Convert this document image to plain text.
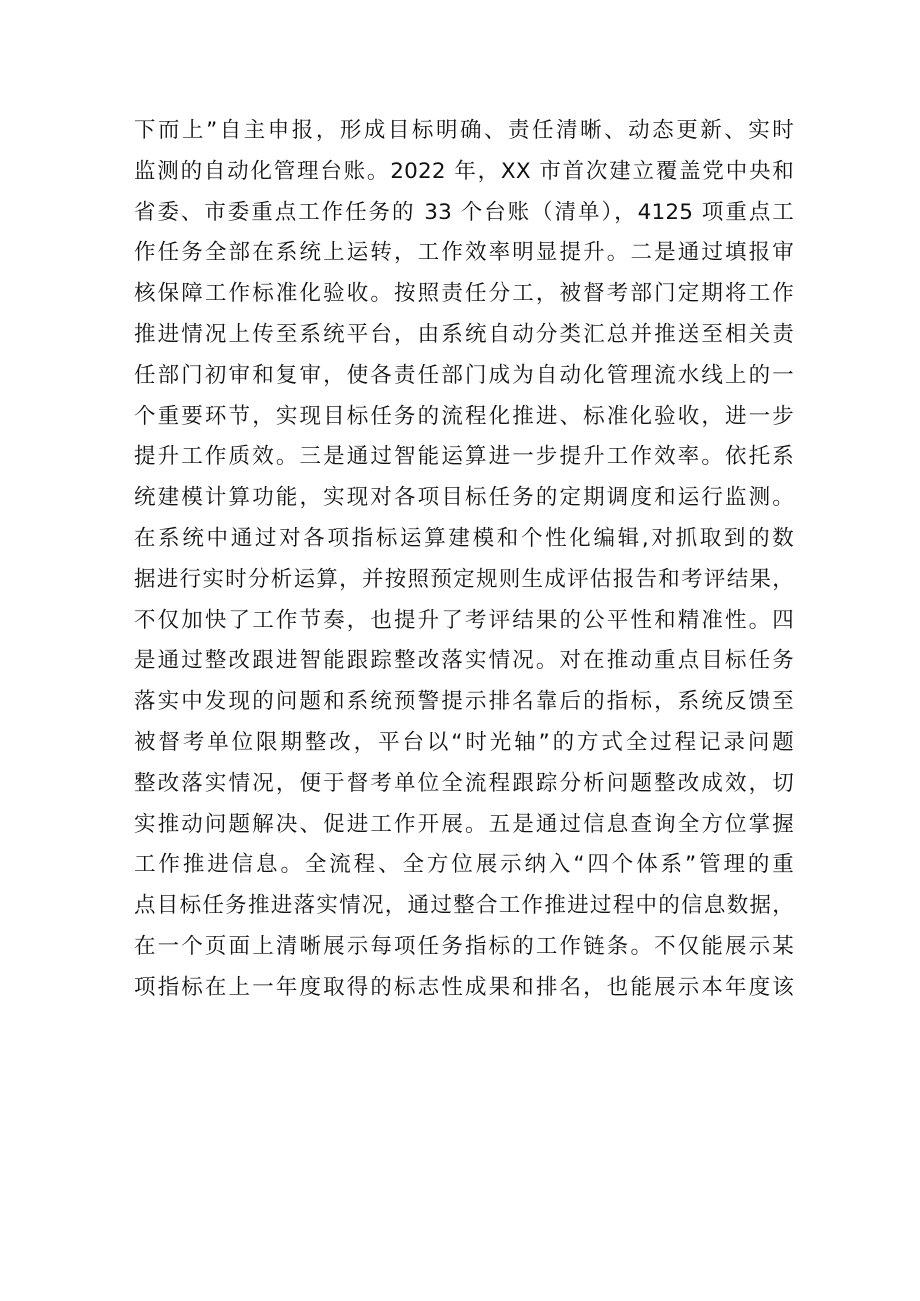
下而上”自主申报，形成目标明确、责任清晰、动态更新、实时
监测的自动化管理台账。2022 年，XX 市首次建立覆盖党中央和
省委、市委重点工作任务的 33 个台账（清单），4125 项重点工
作任务全部在系统上运转，工作效率明显提升。二是通过填报审
核保障工作标准化验收。按照责任分工，被督考部门定期将工作
推进情况上传至系统平台，由系统自动分类汇总并推送至相关责
任部门初审和复审，使各责任部门成为自动化管理流水线上的一
个重要环节，实现目标任务的流程化推进、标准化验收，进一步
提升工作质效。三是通过智能运算进一步提升工作效率。依托系
统建模计算功能，实现对各项目标任务的定期调度和运行监测。
在系统中通过对各项指标运算建模和个性化编辑,对抓取到的数
据进行实时分析运算，并按照预定规则生成评估报告和考评结果，
不仅加快了工作节奏，也提升了考评结果的公平性和精准性。四
是通过整改跟进智能跟踪整改落实情况。对在推动重点目标任务
落实中发现的问题和系统预警提示排名靠后的指标，系统反馈至
被督考单位限期整改，平台以“时光轴”的方式全过程记录问题
整改落实情况，便于督考单位全流程跟踪分析问题整改成效，切
实推动问题解决、促进工作开展。五是通过信息查询全方位掌握
工作推进信息。全流程、全方位展示纳入“四个体系”管理的重
点目标任务推进落实情况，通过整合工作推进过程中的信息数据，
在一个页面上清晰展示每项任务指标的工作链条。不仅能展示某
项指标在上一年度取得的标志性成果和排名，也能展示本年度该
